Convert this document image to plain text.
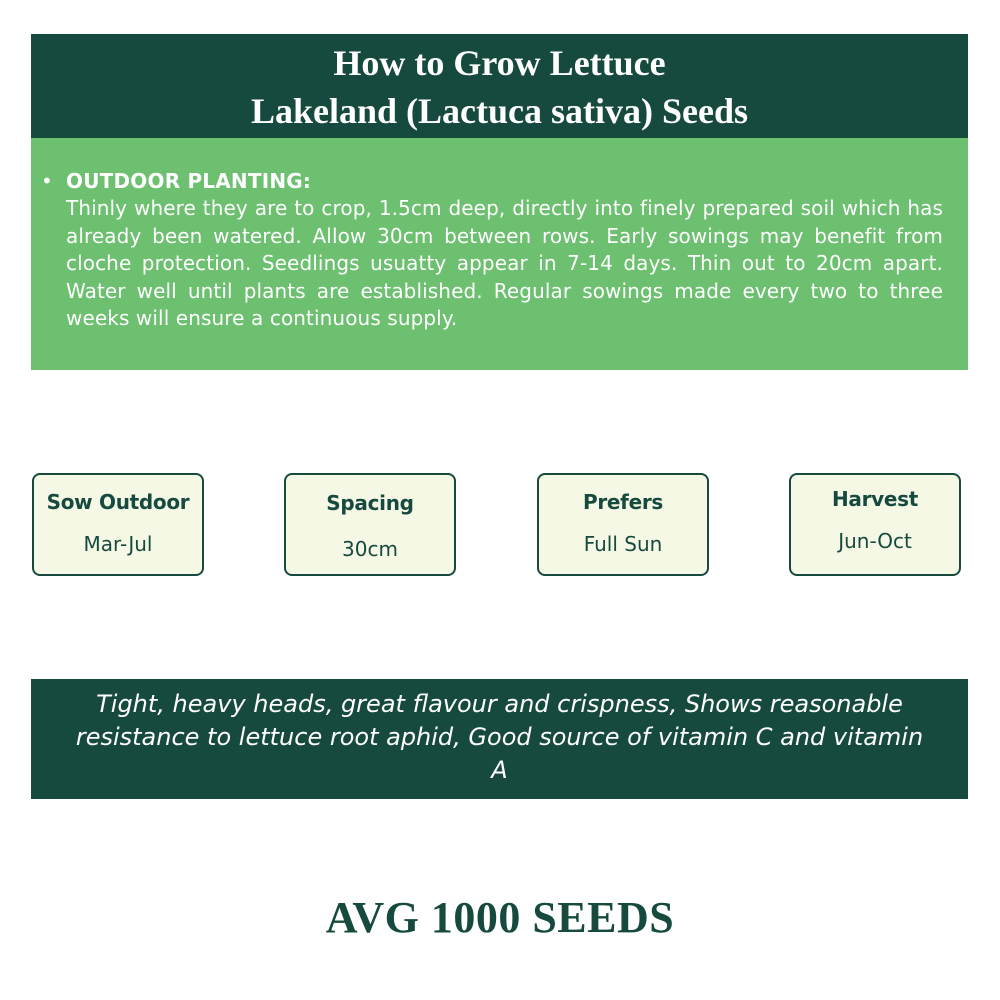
How to Grow Lettuce
Lakeland (Lactuca sativa) Seeds
• OUTDOOR PLANTING:
Thinly where they are to crop, 1.5cm deep, directly into finely prepared soil which has already been watered. Allow 30cm between rows. Early sowings may benefit from cloche protection. Seedlings usuatty appear in 7-14 days. Thin out to 20cm apart. Water well until plants are established. Regular sowings made every two to three weeks will ensure a continuous supply.
Sow Outdoor
Mar-Jul
Spacing
30cm
Prefers
Full Sun
Harvest
Jun-Oct
Tight, heavy heads, great flavour and crispness, Shows reasonable resistance to lettuce root aphid, Good source of vitamin C and vitamin A
AVG 1000 SEEDS
